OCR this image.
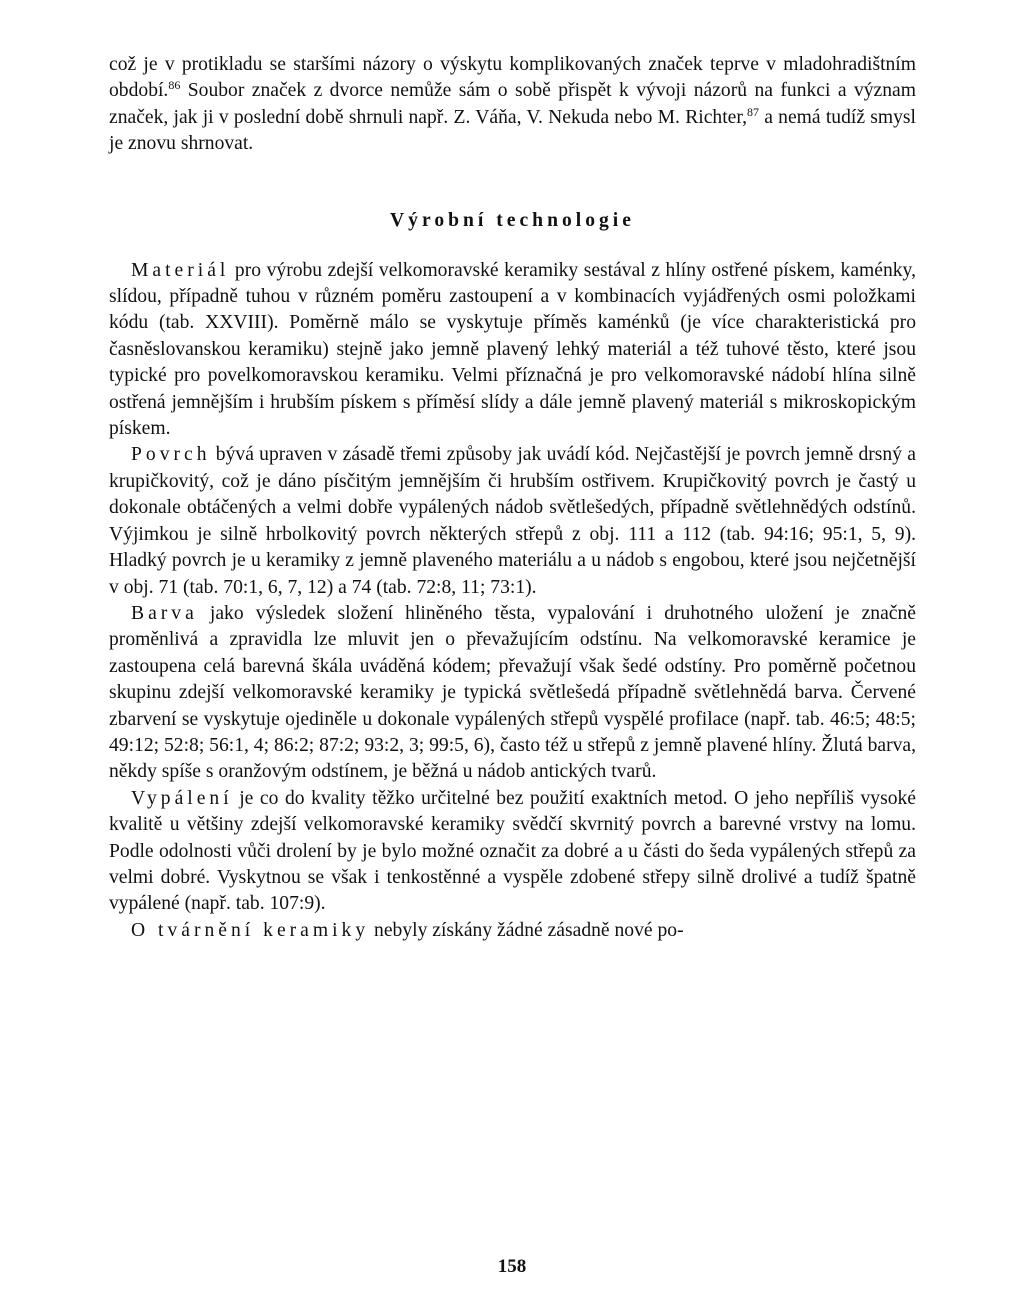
což je v protikladu se staršími názory o výskytu komplikovaných značek teprve v mladohradištním období.$^{86}$ Soubor značek z dvorce nemůže sám o sobě přispět k vývoji názorů na funkci a význam značek, jak ji v poslední době shrnuli např. Z. Váňa, V. Nekuda nebo M. Richter,$^{87}$ a nemá tudíž smysl je znovu shrnovat.

Výrobní technologie

Materiál pro výrobu zdejší velkomoravské keramiky sestával z hlíny ostřené pískem, kaménky, slídou, případně tuhou v různém poměru zastoupení a v kombinacích vyjádřených osmi položkami kódu (tab. XXVIII). Poměrně málo se vyskytuje příměs kaménků (je více charakteristická pro časněslovanskou keramiku) stejně jako jemně plavený lehký materiál a též tuhové těsto, které jsou typické pro povelkomoravskou keramiku. Velmi příznačná je pro velkomoravské nádobí hlína silně ostřená jemnějším i hrubším pískem s příměsí slídy a dále jemně plavený materiál s mikroskopickým pískem.

Povrch bývá upraven v zásadě třemi způsoby jak uvádí kód. Nejčastější je povrch jemně drsný a krupičkovitý, což je dáno písčitým jemnějším či hrubším ostřivem. Krupičkovitý povrch je častý u dokonale obtáčených a velmi dobře vypálených nádob světlešedých, případně světlehnědých odstínů. Výjimkou je silně hrbolkovitý povrch některých střepů z obj. 111 a 112 (tab. 94:16; 95:1, 5, 9). Hladký povrch je u keramiky z jemně plaveného materiálu a u nádob s engobou, které jsou nejčetnější v obj. 71 (tab. 70:1, 6, 7, 12) a 74 (tab. 72:8, 11; 73:1).

Barva jako výsledek složení hliněného těsta, vypalování i druhotného uložení je značně proměnlivá a zpravidla lze mluvit jen o převažujícím odstínu. Na velkomoravské keramice je zastoupena celá barevná škála uváděná kódem; převažují však šedé odstíny. Pro poměrně početnou skupinu zdejší velkomoravské keramiky je typická světlešedá případně světlehnědá barva. Červené zbarvení se vyskytuje ojediněle u dokonale vypálených střepů vyspělé profilace (např. tab. 46:5; 48:5; 49:12; 52:8; 56:1, 4; 86:2; 87:2; 93:2, 3; 99:5, 6), často též u střepů z jemně plavené hlíny. Žlutá barva, někdy spíše s oranžovým odstínem, je běžná u nádob antických tvarů.

Vypálení je co do kvality těžko určitelné bez použití exaktních metod. O jeho nepříliš vysoké kvalitě u většiny zdejší velkomoravské keramiky svědčí skvrnitý povrch a barevné vrstvy na lomu. Podle odolnosti vůči drolení by je bylo možné označit za dobré a u části do šeda vypálených střepů za velmi dobré. Vyskytnou se však i tenkostěnné a vyspěle zdobené střepy silně drolivé a tudíž špatně vypálené (např. tab. 107:9).

O tvárnění keramiky nebyly získány žádné zásadně nové po-

158
